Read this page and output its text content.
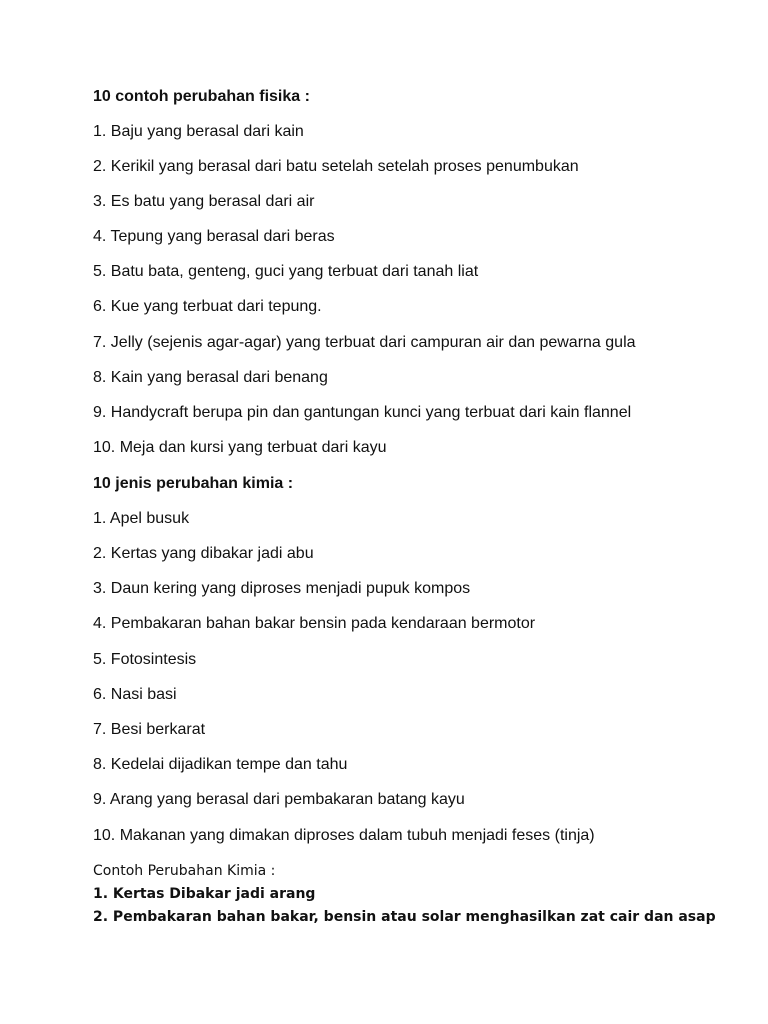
10 contoh perubahan fisika :

1. Baju yang berasal dari kain

2. Kerikil yang berasal dari batu setelah setelah proses penumbukan

3. Es batu yang berasal dari air

4. Tepung yang berasal dari beras

5. Batu bata, genteng, guci yang terbuat dari tanah liat

6. Kue yang terbuat dari tepung.

7. Jelly (sejenis agar-agar) yang terbuat dari campuran air dan pewarna gula

8. Kain yang berasal dari benang

9. Handycraft berupa pin dan gantungan kunci yang terbuat dari kain flannel

10. Meja dan kursi yang terbuat dari kayu

10 jenis perubahan kimia :

1. Apel busuk

2. Kertas yang dibakar jadi abu

3. Daun kering yang diproses menjadi pupuk kompos

4. Pembakaran bahan bakar bensin pada kendaraan bermotor

5. Fotosintesis

6. Nasi basi

7. Besi berkarat

8. Kedelai dijadikan tempe dan tahu

9. Arang yang berasal dari pembakaran batang kayu

10. Makanan yang dimakan diproses dalam tubuh menjadi feses (tinja)

Contoh Perubahan Kimia :

1. Kertas Dibakar jadi arang

2. Pembakaran bahan bakar, bensin atau solar menghasilkan zat cair dan asap
